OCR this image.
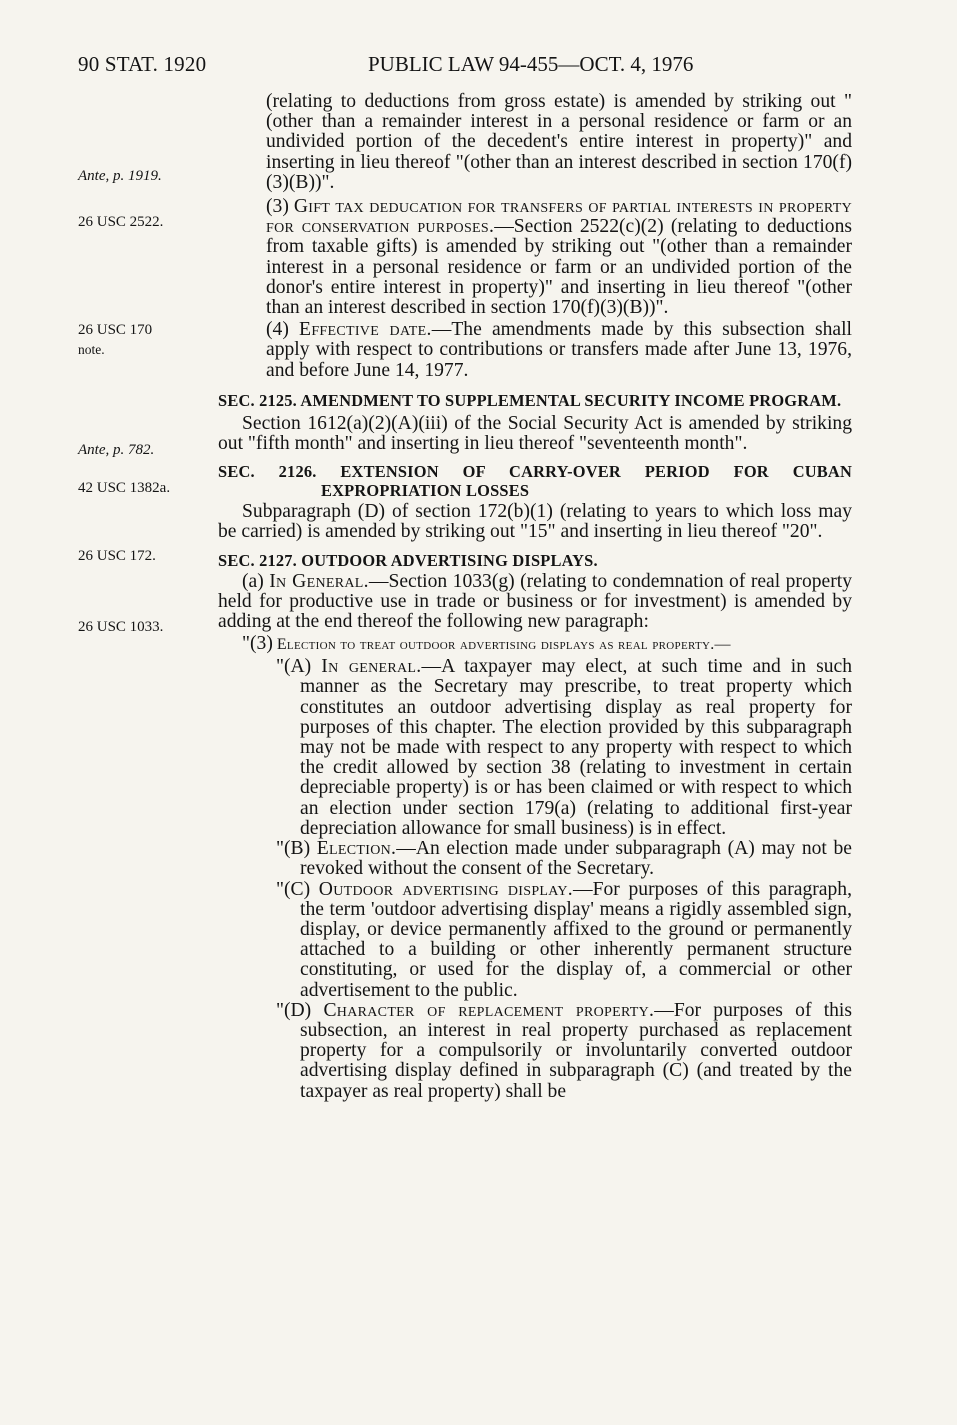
90 STAT. 1920	PUBLIC LAW 94-455—OCT. 4, 1976
Ante, p. 1919.
26 USC 2522.
26 USC 170
note.
Ante, p. 782.
42 USC 1382a.
26 USC 172.
26 USC 1033.

(relating to deductions from gross estate) is amended by striking out "(other than a remainder interest in a personal residence or farm or an undivided portion of the decedent's entire interest in property)" and inserting in lieu thereof "(other than an interest described in section 170(f)(3)(B))".

(3) Gift tax deducation for transfers of partial interests in property for conservation purposes.—Section 2522(c)(2) (relating to deductions from taxable gifts) is amended by striking out "(other than a remainder interest in a personal residence or farm or an undivided portion of the donor's entire interest in property)" and inserting in lieu thereof "(other than an interest described in section 170(f)(3)(B))".

(4) Effective date.—The amendments made by this subsection shall apply with respect to contributions or transfers made after June 13, 1976, and before June 14, 1977.

SEC. 2125. AMENDMENT TO SUPPLEMENTAL SECURITY INCOME PROGRAM.

Section 1612(a)(2)(A)(iii) of the Social Security Act is amended by striking out "fifth month" and inserting in lieu thereof "seventeenth month".

SEC. 2126. EXTENSION OF CARRY-OVER PERIOD FOR CUBAN EXPROPRIATION LOSSES

Subparagraph (D) of section 172(b)(1) (relating to years to which loss may be carried) is amended by striking out "15" and inserting in lieu thereof "20".

SEC. 2127. OUTDOOR ADVERTISING DISPLAYS.

(a) In General.—Section 1033(g) (relating to condemnation of real property held for productive use in trade or business or for investment) is amended by adding at the end thereof the following new paragraph:

"(3) Election to treat outdoor advertising displays as real property.—

"(A) In general.—A taxpayer may elect, at such time and in such manner as the Secretary may prescribe, to treat property which constitutes an outdoor advertising display as real property for purposes of this chapter. The election provided by this subparagraph may not be made with respect to any property with respect to which the credit allowed by section 38 (relating to investment in certain depreciable property) is or has been claimed or with respect to which an election under section 179(a) (relating to additional first-year depreciation allowance for small business) is in effect.

"(B) Election.—An election made under subparagraph (A) may not be revoked without the consent of the Secretary.

"(C) Outdoor advertising display.—For purposes of this paragraph, the term 'outdoor advertising display' means a rigidly assembled sign, display, or device permanently affixed to the ground or permanently attached to a building or other inherently permanent structure constituting, or used for the display of, a commercial or other advertisement to the public.

"(D) Character of replacement property.—For purposes of this subsection, an interest in real property purchased as replacement property for a compulsorily or involuntarily converted outdoor advertising display defined in subparagraph (C) (and treated by the taxpayer as real property) shall be
